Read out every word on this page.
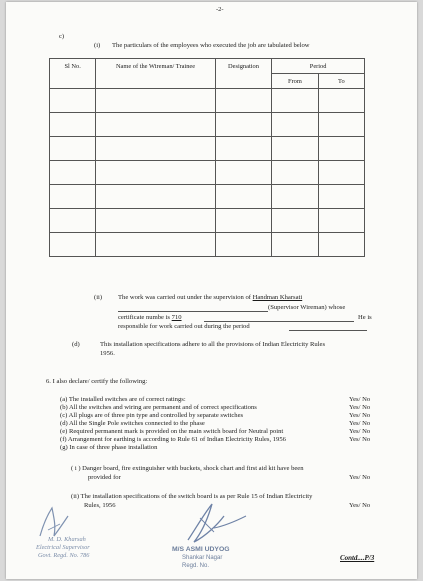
-2-
c)
(i) The particulars of the employees who executed the job are tabulated below
Sl No.	Name of the Wireman/ Trainee	Designation	Period	
			From	To

(ii) The work was carried out under the supervision of Handman Kharsati
(Supervisor Wireman) whose
certificate numbe is 710	He is
responsible for work carried out during the period
(d)	This installation specifications adhere to all the provisions of Indian Electricity Rules
1956.
6. I also declare/ certify the following:
(a) The installed switches are of correct ratings:	Yes/ No
(b) All the switches and wiring are permanent and of correct specifications	Yes/ No
(c) All plugs are of three pin type and controlled by separate switches	Yes/ No
(d) All the Single Pole switches connected to the phase	Yes/ No
(e) Required permanent mark is provided on the main switch board for Neutral point	Yes/ No
(f) Arrangement for earthing is according to Rule 61 of Indian Electricity Rules, 1956	Yes/ No
(g) In case of three phase installation
( i ) Danger board, fire extinguisher with buckets, shock chart and first aid kit have been
provided for	Yes/ No
(ii) The installation specifications of the switch board is as per Rule 15 of Indian Electricity
Rules, 1956	Yes/ No
M. D. Kharsah
Electrical Supervisor
Govt. Regd. No. 786
M/S ASMI UDYOG
Shankar Nagar
Regd. No.
Contd....P/3
